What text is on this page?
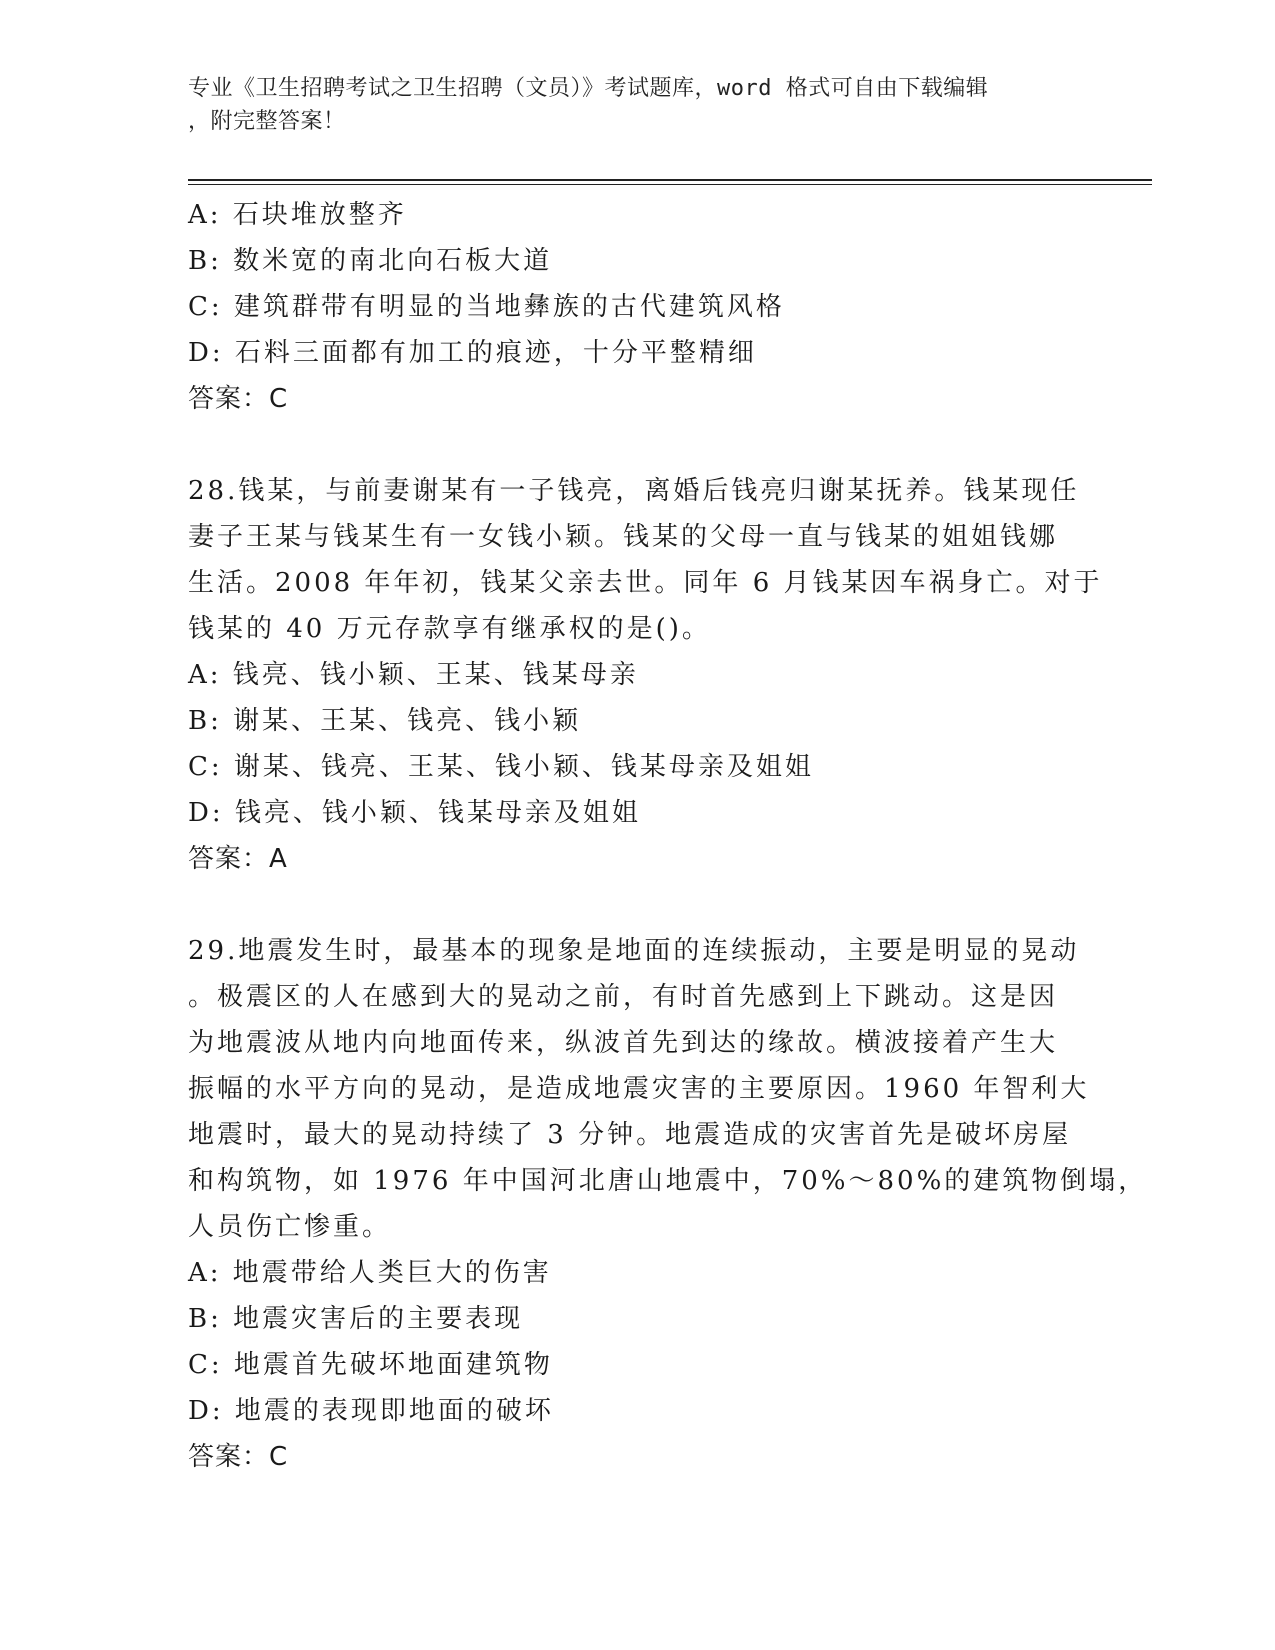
专业《卫生招聘考试之卫生招聘（文员）》考试题库，word 格式可自由下载编辑
，附完整答案！
A: 石块堆放整齐
B: 数米宽的南北向石板大道
C: 建筑群带有明显的当地彝族的古代建筑风格
D: 石料三面都有加工的痕迹，十分平整精细
答案：C
28.钱某，与前妻谢某有一子钱亮，离婚后钱亮归谢某抚养。钱某现任
妻子王某与钱某生有一女钱小颖。钱某的父母一直与钱某的姐姐钱娜
生活。2008 年年初，钱某父亲去世。同年 6 月钱某因车祸身亡。对于
钱某的 40 万元存款享有继承权的是()。
A: 钱亮、钱小颖、王某、钱某母亲
B: 谢某、王某、钱亮、钱小颖
C: 谢某、钱亮、王某、钱小颖、钱某母亲及姐姐
D: 钱亮、钱小颖、钱某母亲及姐姐
答案：A
29.地震发生时，最基本的现象是地面的连续振动，主要是明显的晃动
。极震区的人在感到大的晃动之前，有时首先感到上下跳动。这是因
为地震波从地内向地面传来，纵波首先到达的缘故。横波接着产生大
振幅的水平方向的晃动，是造成地震灾害的主要原因。1960 年智利大
地震时，最大的晃动持续了 3 分钟。地震造成的灾害首先是破坏房屋
和构筑物，如 1976 年中国河北唐山地震中，70%～80%的建筑物倒塌，
人员伤亡惨重。
A: 地震带给人类巨大的伤害
B: 地震灾害后的主要表现
C: 地震首先破坏地面建筑物
D: 地震的表现即地面的破坏
答案：C
